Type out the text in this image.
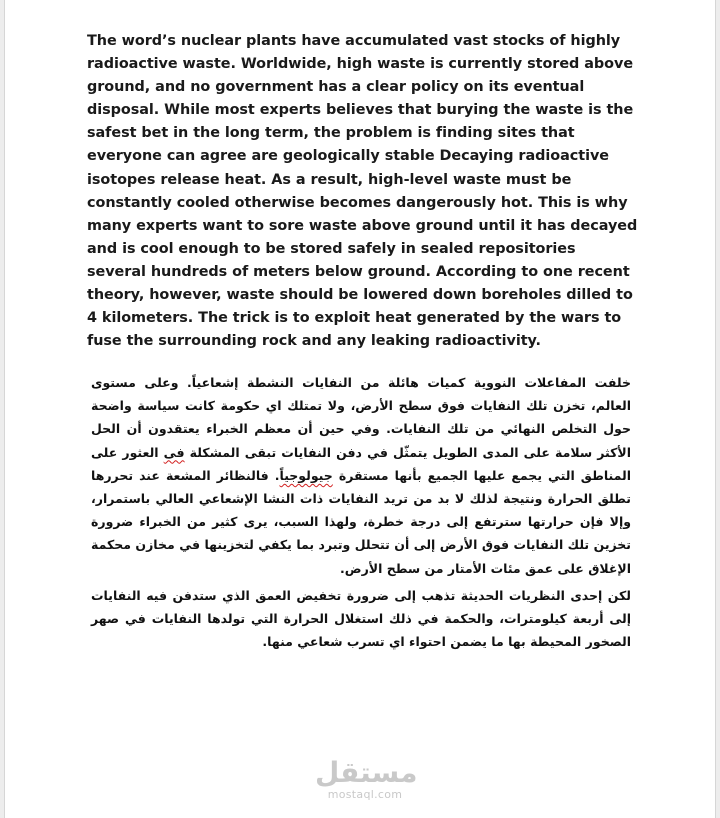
The word’s nuclear plants have accumulated vast stocks of highly radioactive waste. Worldwide, high waste is currently stored above ground, and no government has a clear policy on its eventual disposal. While most experts believes that burying the waste is the safest bet in the long term, the problem is finding sites that everyone can agree are geologically stable Decaying radioactive isotopes release heat. As a result, high-level waste must be constantly cooled otherwise becomes dangerously hot. This is why many experts want to sore waste above ground until it has decayed and is cool enough to be stored safely in sealed repositories several hundreds of meters below ground. According to one recent theory, however, waste should be lowered down boreholes dilled to 4 kilometers. The trick is to exploit heat generated by the wars to fuse the surrounding rock and any leaking radioactivity.

خلفت المفاعلات النووية كميات هائلة من النفايات النشطة إشعاعياً. وعلى مستوى العالم، تخزن تلك النفايات فوق سطح الأرض، ولا تمتلك اي حكومة كانت سياسة واضحة حول التخلص النهائي من تلك النفايات. وفي حين أن معظم الخبراء يعتقدون أن الحل الأكثر سلامة على المدى الطويل يتمثّل في دفن النفايات تبقى المشكلة فى العثور على المناطق التي يجمع عليها الجميع بأنها مستقرة جيولوجياً. فالنظائر المشعة عند تحررها تطلق الحرارة ونتيجة لذلك لا بد من تريد النفايات ذات النشا الإشعاعي العالي باستمرار، وإلا فإن حرارتها سترتفع إلى درجة خطرة، ولهذا السبب، يرى كثير من الخبراء ضرورة تخزين تلك النفايات فوق الأرض إلى أن تتحلل وتبرد بما يكفي لتخزينها في مخازن محكمة الإغلاق على عمق مئات الأمتار من سطح الأرض.

لكن إحدى النظريات الحديثة تذهب إلى ضرورة تخفيض العمق الذي ستدفن فيه النفايات إلى أربعة كيلومترات، والحكمة في ذلك استغلال الحرارة التي تولدها النفايات في صهر الصخور المحيطة بها ما يضمن احتواء اي تسرب شعاعي منها.

مستقل
mostaql.com
